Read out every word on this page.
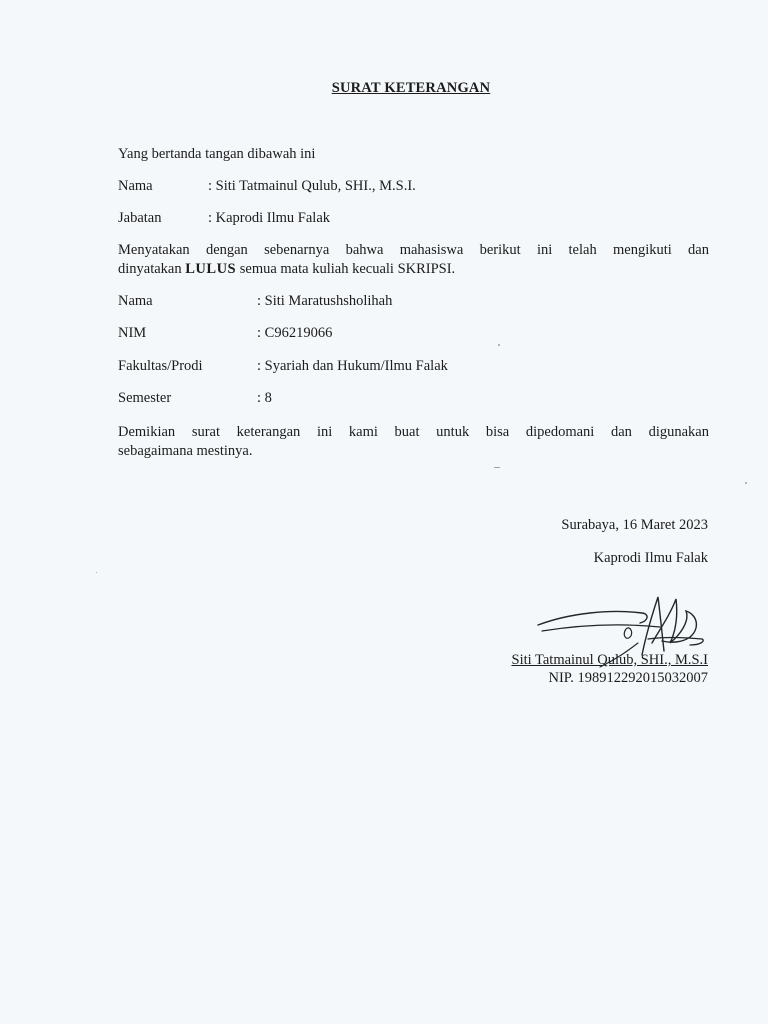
SURAT KETERANGAN
Yang bertanda tangan dibawah ini
Nama	: Siti Tatmainul Qulub, SHI., M.S.I.
Jabatan	: Kaprodi Ilmu Falak
Menyatakan dengan sebenarnya bahwa mahasiswa berikut ini telah mengikuti dan
dinyatakan LULUS semua mata kuliah kecuali SKRIPSI.
Nama	: Siti Maratushsholihah
NIM	: C96219066
Fakultas/Prodi	: Syariah dan Hukum/Ilmu Falak
Semester	: 8
Demikian surat keterangan ini kami buat untuk bisa dipedomani dan digunakan
sebagaimana mestinya.
Surabaya, 16 Maret 2023
Kaprodi Ilmu Falak
Siti Tatmainul Qulub, SHI., M.S.I
NIP. 198912292015032007
